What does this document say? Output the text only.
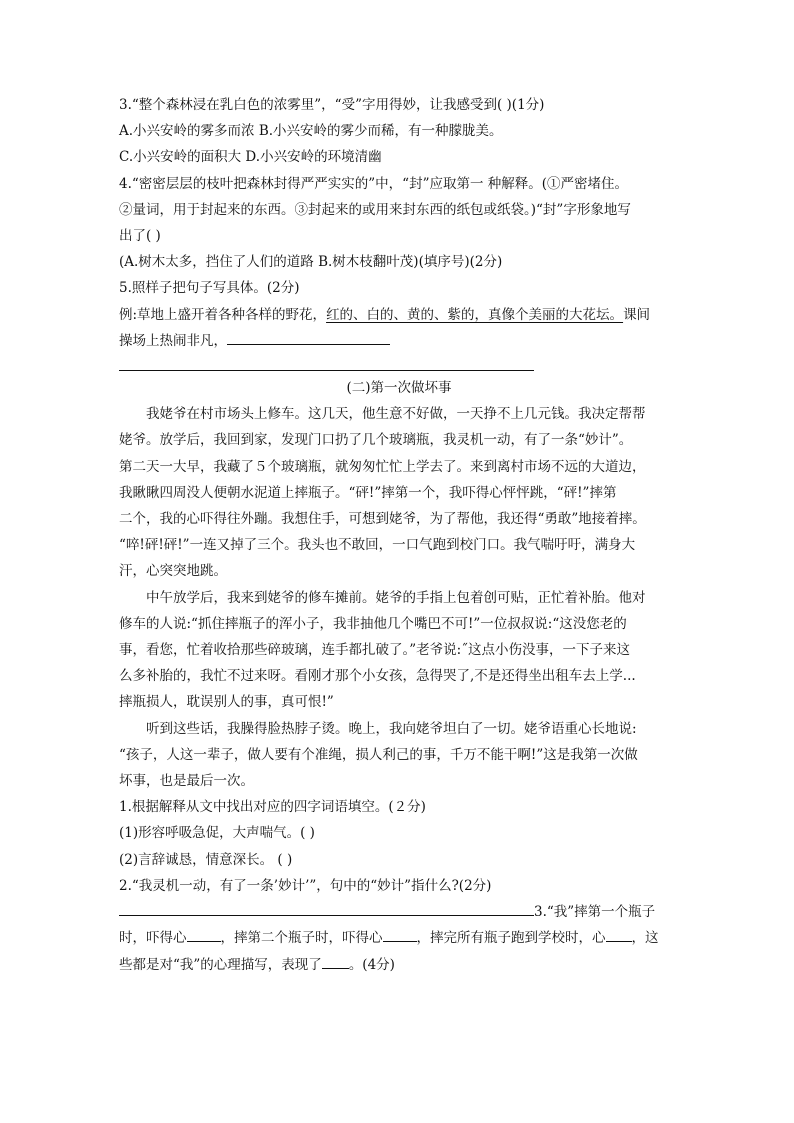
3.“整个森林浸在乳白色的浓雾里”，“受”字用得妙，让我感受到( )(1分)
A.小兴安岭的雾多而浓 B.小兴安岭的雾少而稀，有一种朦胧美。
C.小兴安岭的面积大 D.小兴安岭的环境清幽
4.“密密层层的枝叶把森林封得严严实实的”中，“封”应取第一 种解释。(①严密堵住。
②量词，用于封起来的东西。③封起来的或用来封东西的纸包或纸袋。)“封”字形象地写
出了( )
(A.树木太多，挡住了人们的道路 B.树木枝翻叶茂)(填序号)(2分)
5.照样子把句子写具体。(2分)
例:草地上盛开着各种各样的野花，红的、白的、黄的、紫的，真像个美丽的大花坛。课间
操场上热闹非凡，
(二)第一次做坏事
我姥爷在村市场头上修车。这几天，他生意不好做，一天挣不上几元钱。我决定帮帮
姥爷。放学后，我回到家，发现门口扔了几个玻璃瓶，我灵机一动，有了一条“妙计”。
第二天一大早，我藏了５个玻璃瓶，就匆匆忙忙上学去了。来到离村市场不远的大道边，
我瞅瞅四周没人便朝水泥道上摔瓶子。“砰!”摔第一个，我吓得心怦怦跳，“砰!”摔第
二个，我的心吓得往外蹦。我想住手，可想到姥爷，为了帮他，我还得“勇敢”地接着摔。
“啐!砰!砰!”一连又掉了三个。我头也不敢回，一口气跑到校门口。我气喘吁吁，满身大
汗，心突突地跳。
中午放学后，我来到姥爷的修车摊前。姥爷的手指上包着创可贴，正忙着补胎。他对
修车的人说:“抓住摔瓶子的浑小子，我非抽他几个嘴巴不可!”一位叔叔说:“这没您老的
事，看您，忙着收拾那些碎玻璃，连手都扎破了。”老爷说:˝这点小伤没事，一下子来这
么多补胎的，我忙不过来呀。看刚才那个小女孩，急得哭了,不是还得坐出租车去上学...
摔瓶损人，耽误别人的事，真可恨!”
听到这些话，我臊得脸热脖子烫。晚上，我向姥爷坦白了一切。姥爷语重心长地说:
“孩子，人这一辈子，做人要有个准绳，损人利己的事，千万不能干啊!”这是我第一次做
坏事，也是最后一次。
1.根据解释从文中找出对应的四字词语填空。(２分)
(1)形容呼吸急促，大声喘气。( )
(2)言辞诚恳，情意深长。 ( )
2.“我灵机一动，有了一条’妙计’”，句中的“妙计”指什么?(2分)
3.“我”摔第一个瓶子
时，吓得心	，摔第二个瓶子时，吓得心	，摔完所有瓶子跑到学校时，心 ，这
些都是对“我”的心理描写，表现了 。(4分)
